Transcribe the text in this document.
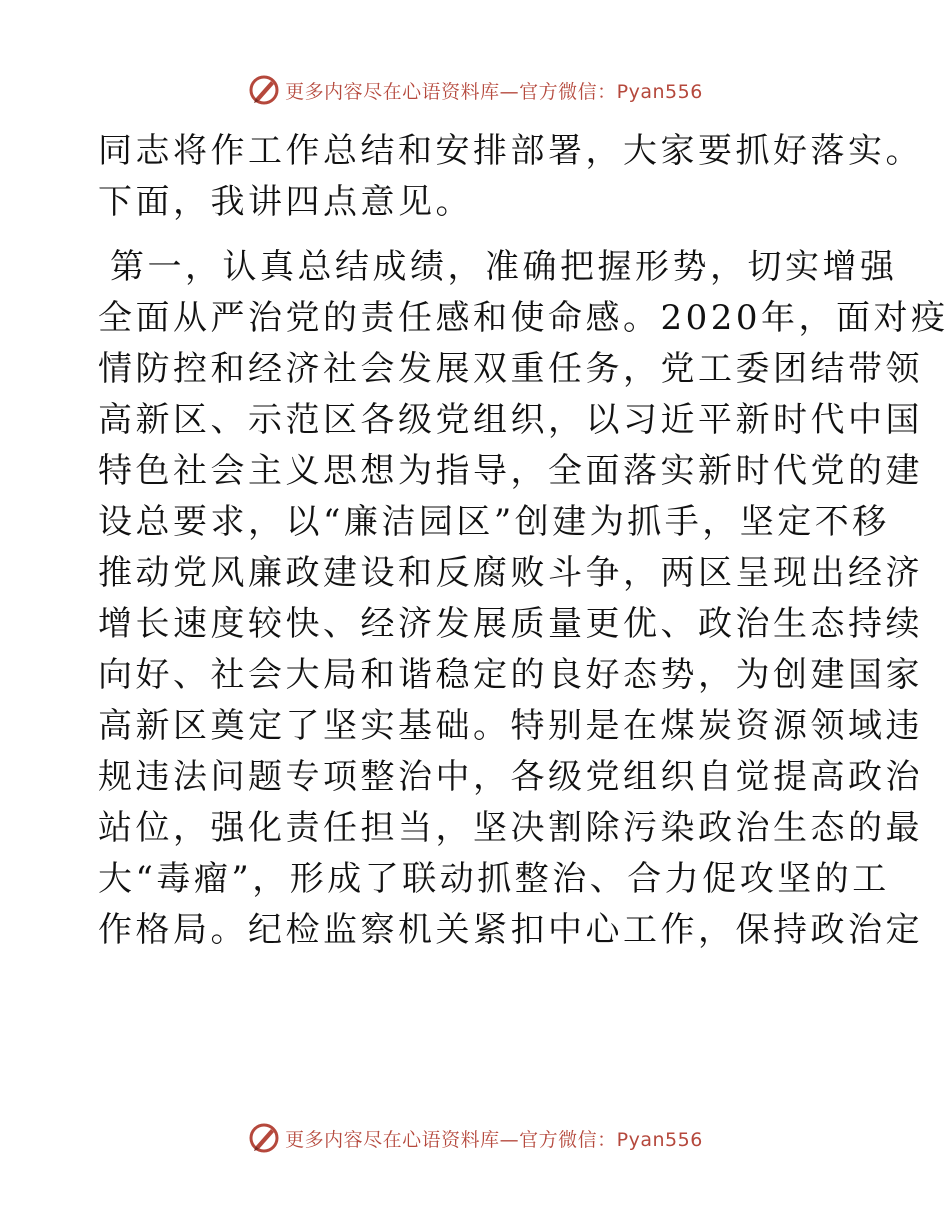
更多内容尽在心语资料库—官方微信：Pyan556
同志将作工作总结和安排部署，大家要抓好落实。
下面，我讲四点意见。
第一，认真总结成绩，准确把握形势，切实增强
全面从严治党的责任感和使命感。2020年，面对疫
情防控和经济社会发展双重任务，党工委团结带领
高新区、示范区各级党组织，以习近平新时代中国
特色社会主义思想为指导，全面落实新时代党的建
设总要求，以“廉洁园区”创建为抓手，坚定不移
推动党风廉政建设和反腐败斗争，两区呈现出经济
增长速度较快、经济发展质量更优、政治生态持续
向好、社会大局和谐稳定的良好态势，为创建国家
高新区奠定了坚实基础。特别是在煤炭资源领域违
规违法问题专项整治中，各级党组织自觉提高政治
站位，强化责任担当，坚决割除污染政治生态的最
大“毒瘤”，形成了联动抓整治、合力促攻坚的工
作格局。纪检监察机关紧扣中心工作，保持政治定
更多内容尽在心语资料库—官方微信：Pyan556
